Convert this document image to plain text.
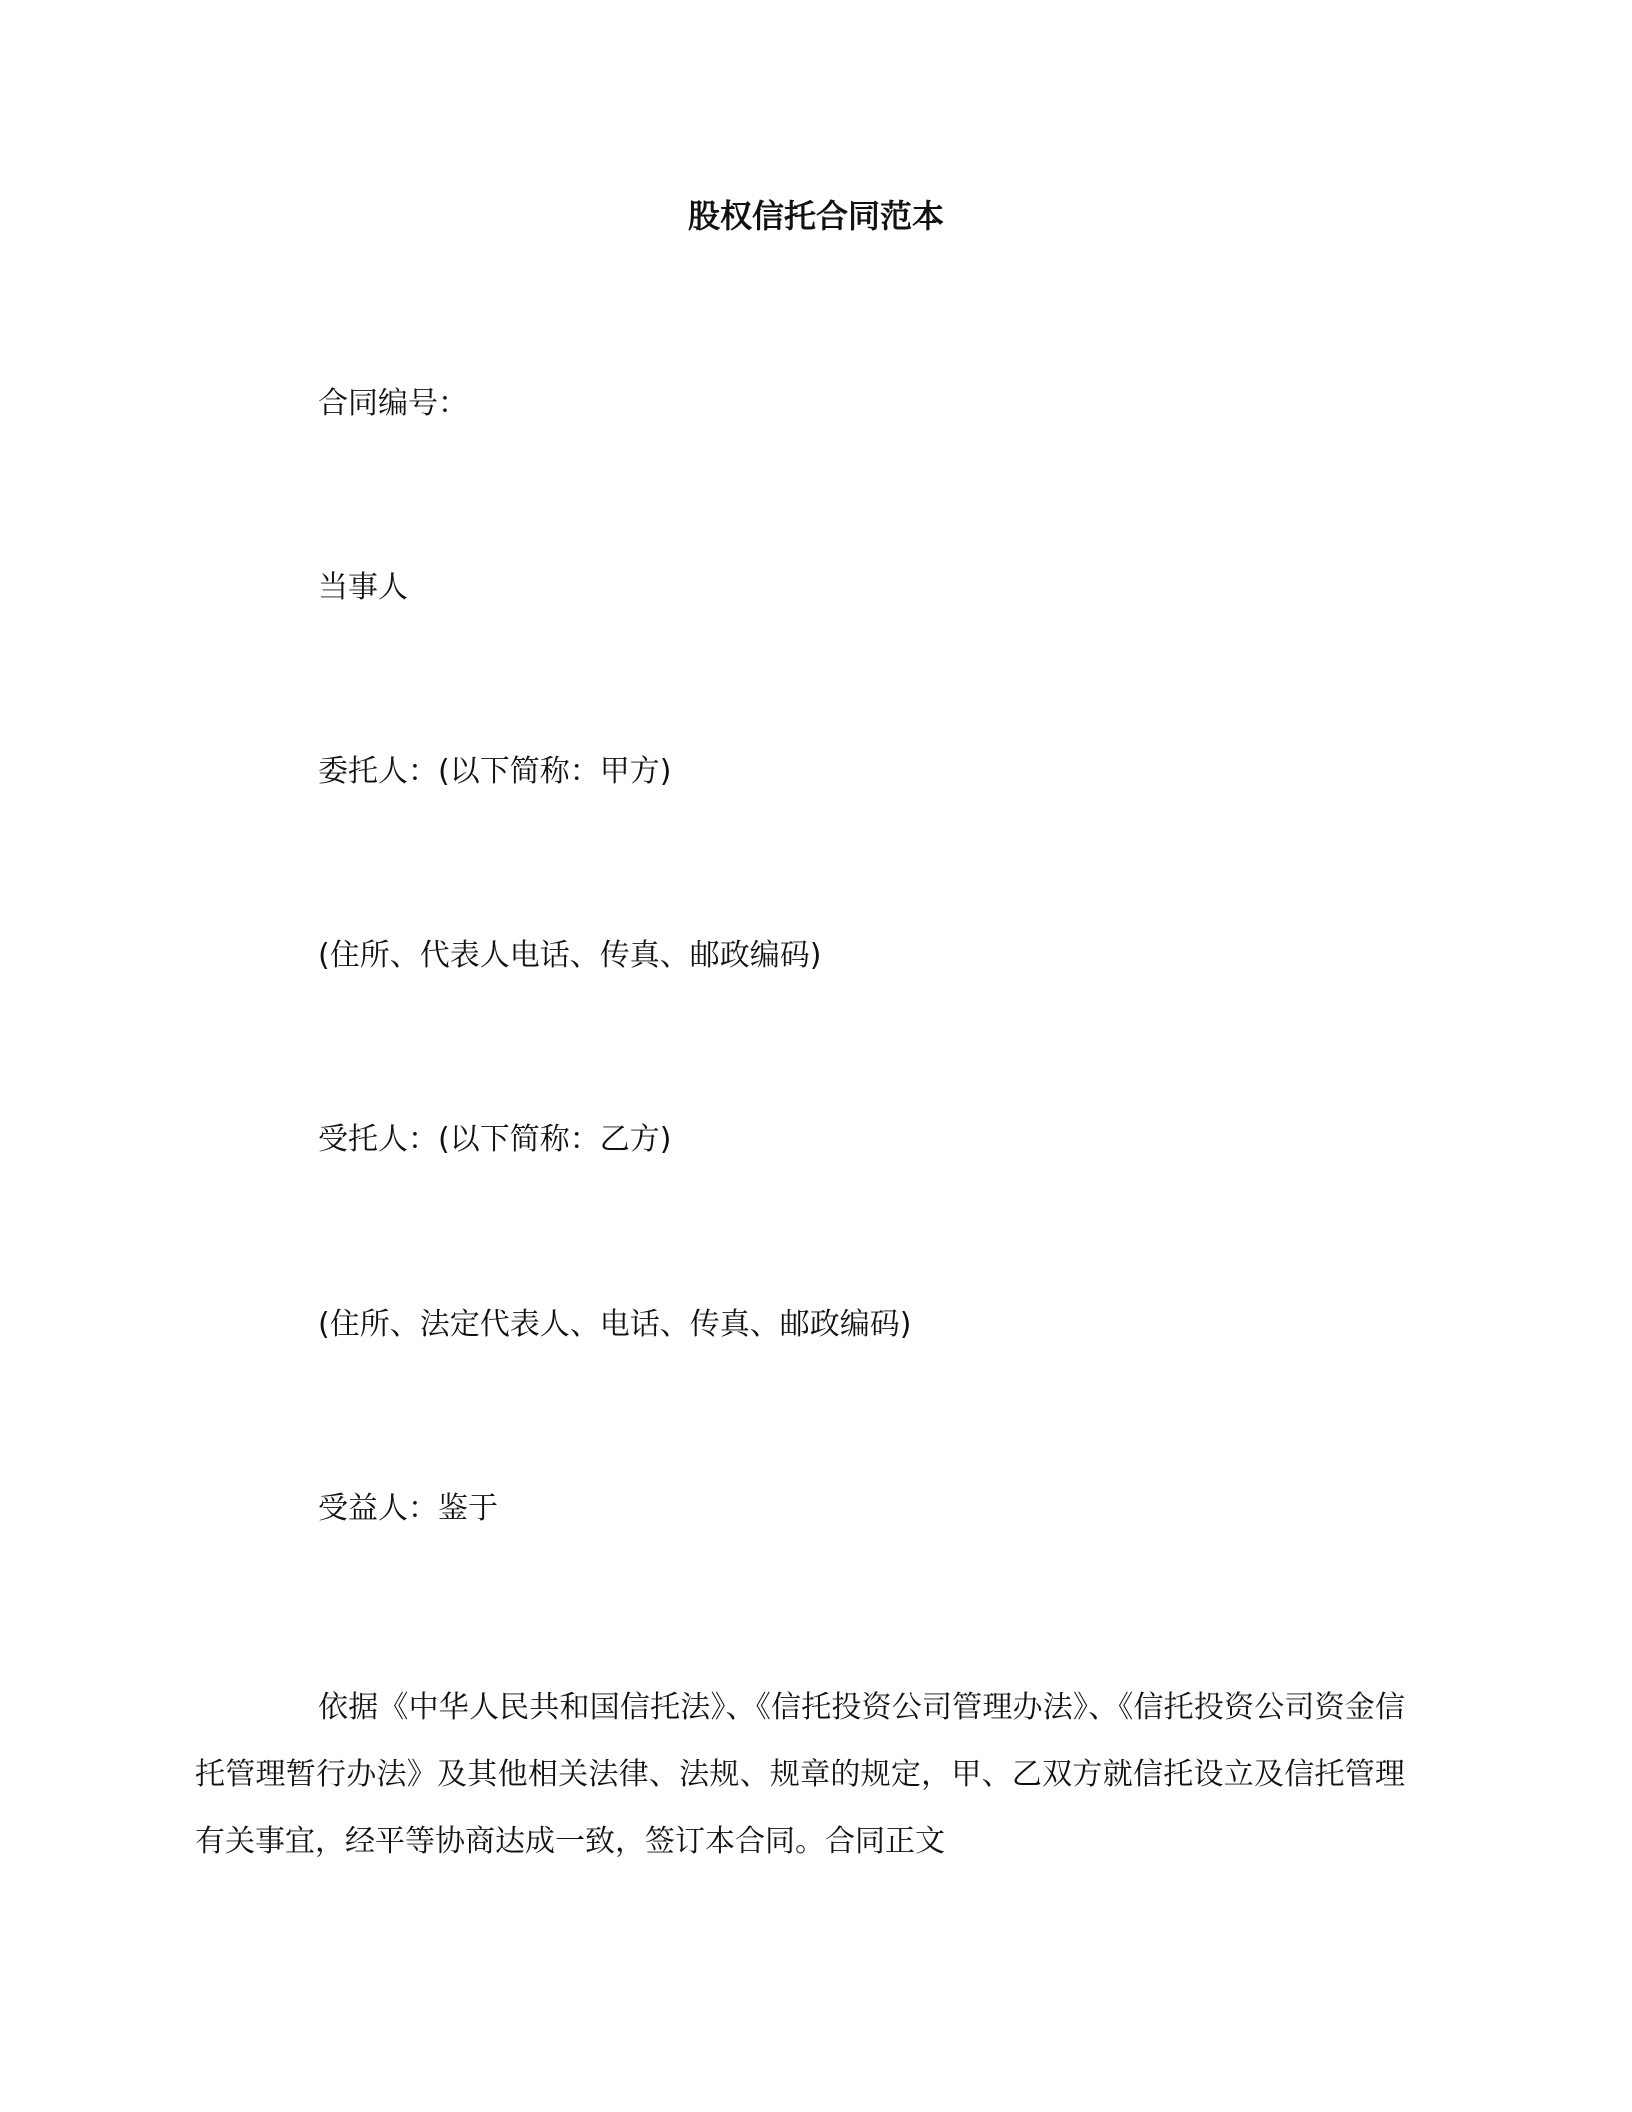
股权信托合同范本
合同编号：
当事人
委托人：(以下简称：甲方)
(住所、代表人电话、传真、邮政编码)
受托人：(以下简称：乙方)
(住所、法定代表人、电话、传真、邮政编码)
受益人：鉴于
依据《中华人民共和国信托法》、《信托投资公司管理办法》、《信托投资公司资金信托管理暂行办法》及其他相关法律、法规、规章的规定，甲、乙双方就信托设立及信托管理有关事宜，经平等协商达成一致，签订本合同。合同正文
